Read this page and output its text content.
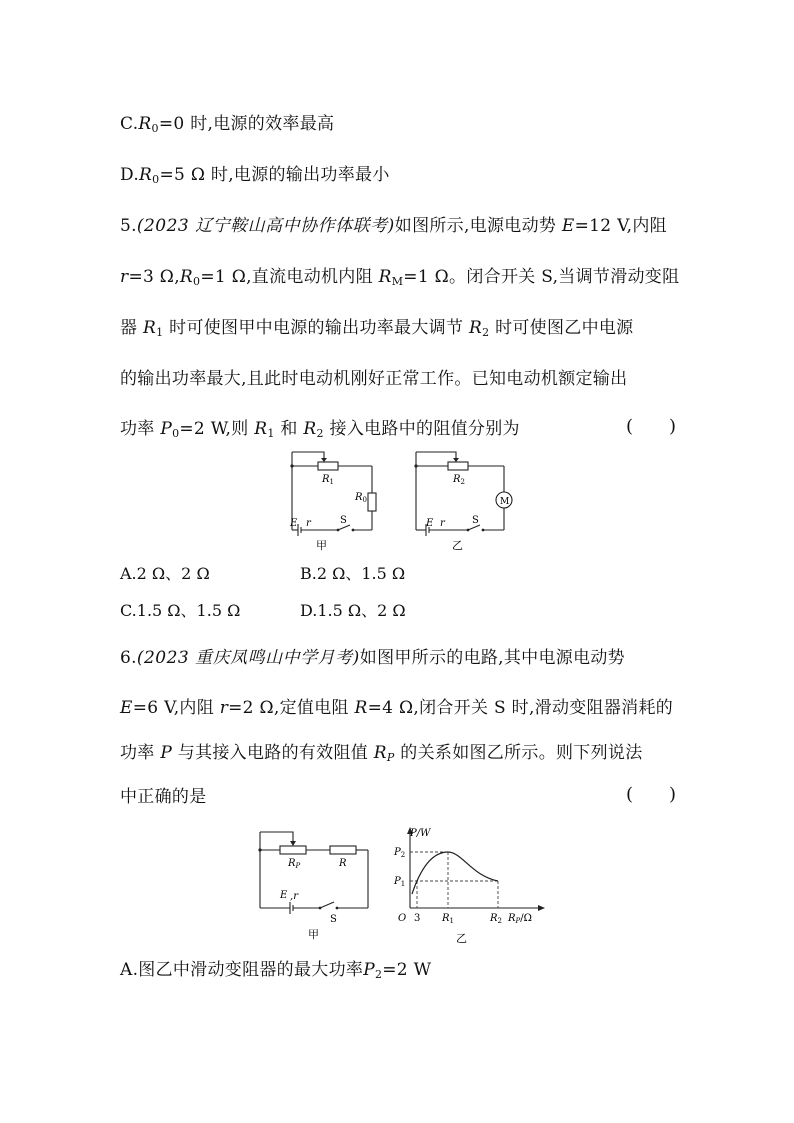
$C.R_0=0$ 时,电源的效率最高
$D.R_0=5$ Ω 时,电源的输出功率最小
5.(2023 辽宁鞍山高中协作体联考)如图所示,电源电动势 E=12 V,内阻
r=3 $\Omega,R_0=1$ Ω,直流电动机内阻 $R_M=1$ Ω。闭合开关 S,当调节滑动变阻
器 $R_1$ 时可使图甲中电源的输出功率最大调节 $R_2$ 时可使图乙中电源
的输出功率最大,且此时电动机刚好正常工作。已知电动机额定输出
功率 $P_0=2$ W,则 $R_1$ 和 $R_2$ 接入电路中的阻值分别为	(　　)
$R_1$
$R_0$
E r	S
甲
$R_2$
M
E r	S
乙
A.2 Ω、2 Ω	B.2 Ω、1.5 Ω
C.1.5 Ω、1.5 Ω	D.1.5 Ω、2 Ω
6.(2023 重庆凤鸣山中学月考)如图甲所示的电路,其中电源电动势
E=6 V,内阻 r=2 Ω,定值电阻 R=4 Ω,闭合开关 S 时,滑动变阻器消耗的
功率 P 与其接入电路的有效阻值 $R_P$ 的关系如图乙所示。则下列说法
中正确的是	(　　)
$R_P$	R
E ,r
S
甲
P/W
$P_2$
$P_1$
O 3 $R_1$	$R_2$ $R_P/\Omega$
乙
A.图乙中滑动变阻器的最大功率$P_2=2$ W
